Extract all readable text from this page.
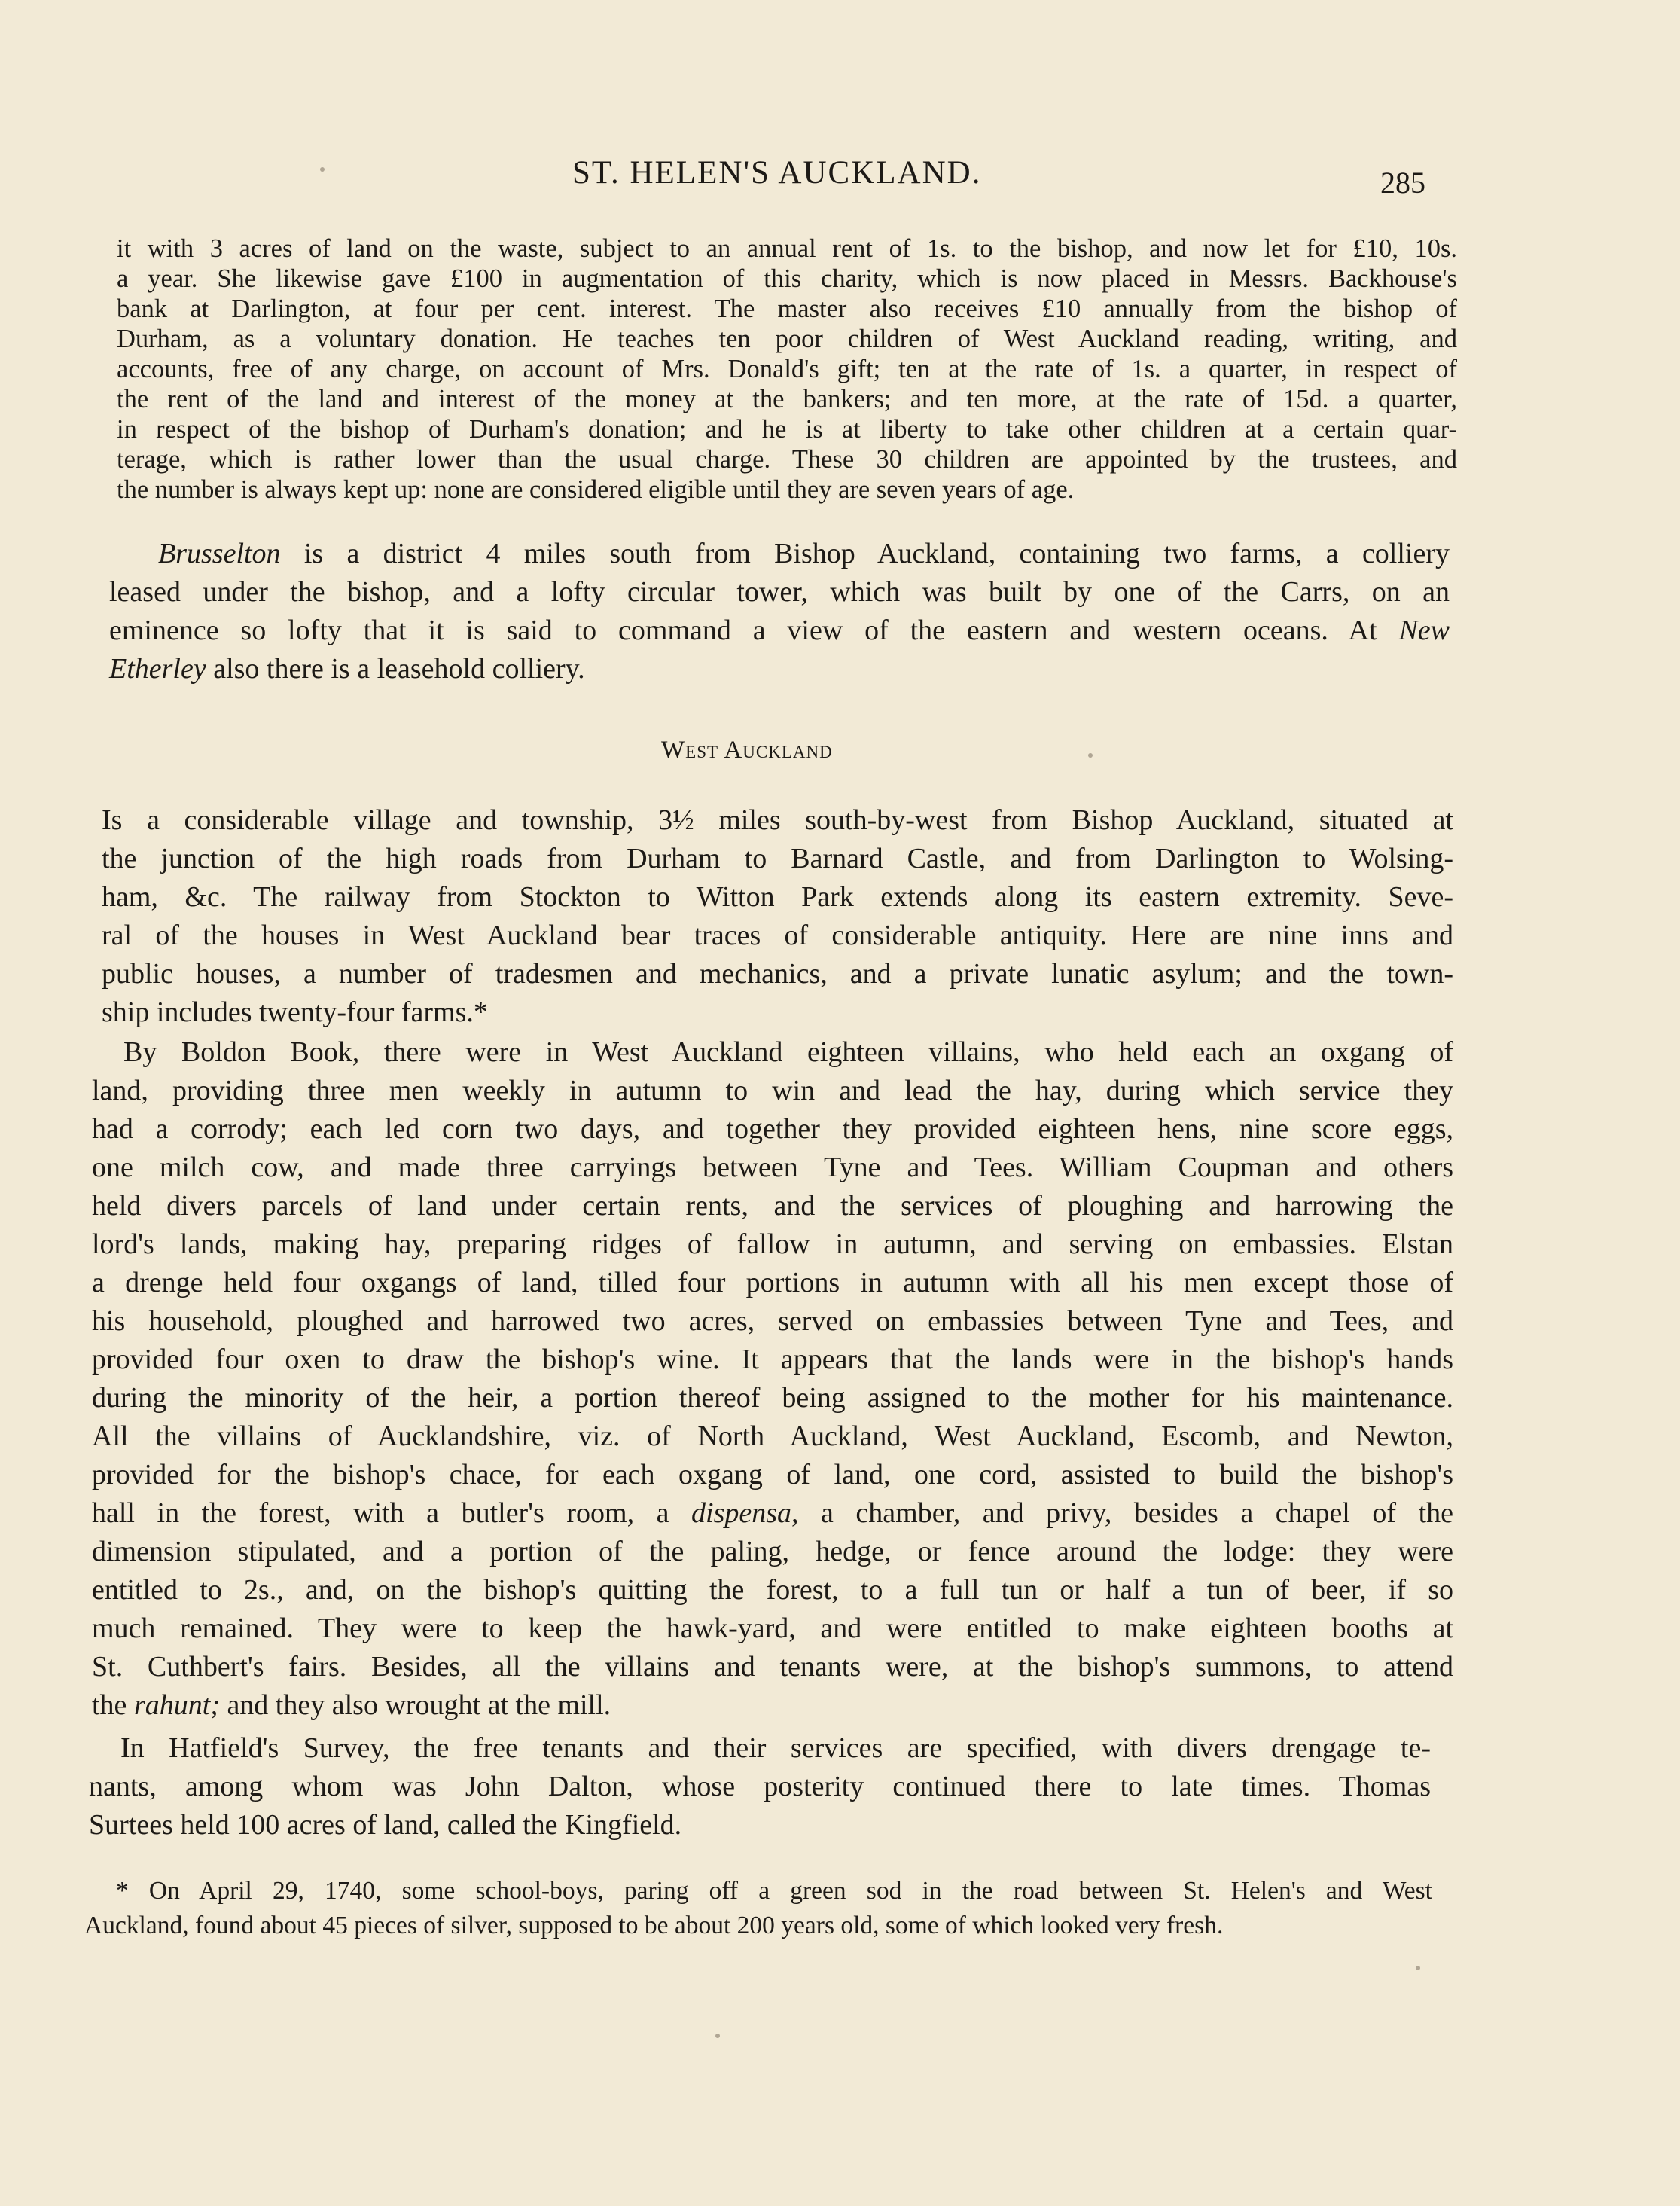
ST. HELEN'S AUCKLAND.	285
it with 3 acres of land on the waste, subject to an annual rent of 1s. to the bishop, and now let for £10, 10s.
a year. She likewise gave £100 in augmentation of this charity, which is now placed in Messrs. Backhouse's
bank at Darlington, at four per cent. interest. The master also receives £10 annually from the bishop of
Durham, as a voluntary donation. He teaches ten poor children of West Auckland reading, writing, and
accounts, free of any charge, on account of Mrs. Donald's gift; ten at the rate of 1s. a quarter, in respect of
the rent of the land and interest of the money at the bankers; and ten more, at the rate of 15d. a quarter,
in respect of the bishop of Durham's donation; and he is at liberty to take other children at a certain quar-
terage, which is rather lower than the usual charge. These 30 children are appointed by the trustees, and
the number is always kept up: none are considered eligible until they are seven years of age.
Brusselton is a district 4 miles south from Bishop Auckland, containing two farms, a colliery
leased under the bishop, and a lofty circular tower, which was built by one of the Carrs, on an
eminence so lofty that it is said to command a view of the eastern and western oceans. At New
Etherley also there is a leasehold colliery.
West Auckland
Is a considerable village and township, 3½ miles south-by-west from Bishop Auckland, situated at
the junction of the high roads from Durham to Barnard Castle, and from Darlington to Wolsing-
ham, &c. The railway from Stockton to Witton Park extends along its eastern extremity. Seve-
ral of the houses in West Auckland bear traces of considerable antiquity. Here are nine inns and
public houses, a number of tradesmen and mechanics, and a private lunatic asylum; and the town-
ship includes twenty-four farms.*
By Boldon Book, there were in West Auckland eighteen villains, who held each an oxgang of
land, providing three men weekly in autumn to win and lead the hay, during which service they
had a corrody; each led corn two days, and together they provided eighteen hens, nine score eggs,
one milch cow, and made three carryings between Tyne and Tees. William Coupman and others
held divers parcels of land under certain rents, and the services of ploughing and harrowing the
lord's lands, making hay, preparing ridges of fallow in autumn, and serving on embassies. Elstan
a drenge held four oxgangs of land, tilled four portions in autumn with all his men except those of
his household, ploughed and harrowed two acres, served on embassies between Tyne and Tees, and
provided four oxen to draw the bishop's wine. It appears that the lands were in the bishop's hands
during the minority of the heir, a portion thereof being assigned to the mother for his maintenance.
All the villains of Aucklandshire, viz. of North Auckland, West Auckland, Escomb, and Newton,
provided for the bishop's chace, for each oxgang of land, one cord, assisted to build the bishop's
hall in the forest, with a butler's room, a dispensa, a chamber, and privy, besides a chapel of the
dimension stipulated, and a portion of the paling, hedge, or fence around the lodge: they were
entitled to 2s., and, on the bishop's quitting the forest, to a full tun or half a tun of beer, if so
much remained. They were to keep the hawk-yard, and were entitled to make eighteen booths at
St. Cuthbert's fairs. Besides, all the villains and tenants were, at the bishop's summons, to attend
the rahunt; and they also wrought at the mill.
In Hatfield's Survey, the free tenants and their services are specified, with divers drengage te-
nants, among whom was John Dalton, whose posterity continued there to late times. Thomas
Surtees held 100 acres of land, called the Kingfield.
* On April 29, 1740, some school-boys, paring off a green sod in the road between St. Helen's and West
Auckland, found about 45 pieces of silver, supposed to be about 200 years old, some of which looked very fresh.
